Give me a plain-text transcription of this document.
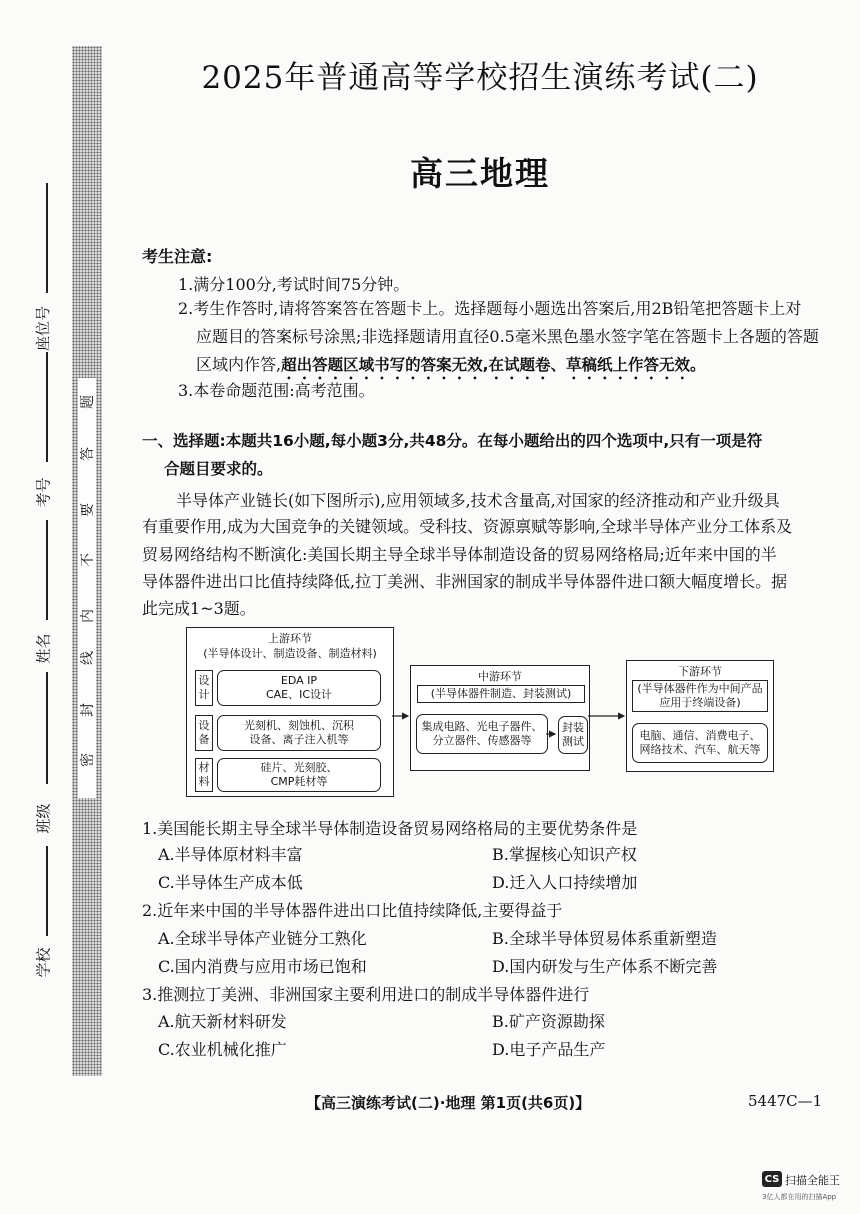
密
封
线
内
不
要
答
题
座位号
考号
姓名
班级
学校
2025年普通高等学校招生演练考试(二)
高三地理
考生注意:
1.满分100分,考试时间75分钟。
2.考生作答时,请将答案答在答题卡上。选择题每小题选出答案后,用2B铅笔把答题卡上对
应题目的答案标号涂黑;非选择题请用直径0.5毫米黑色墨水签字笔在答题卡上各题的答题
区域内作答,超出答题区域书写的答案无效,在试题卷、草稿纸上作答无效。
3.本卷命题范围:高考范围。
一、选择题:本题共16小题,每小题3分,共48分。在每小题给出的四个选项中,只有一项是符
合题目要求的。
半导体产业链长(如下图所示),应用领域多,技术含量高,对国家的经济推动和产业升级具
有重要作用,成为大国竞争的关键领域。受科技、资源禀赋等影响,全球半导体产业分工体系及
贸易网络结构不断演化:美国长期主导全球半导体制造设备的贸易网络格局;近年来中国的半
导体器件进出口比值持续降低,拉丁美洲、非洲国家的制成半导体器件进口额大幅度增长。据
此完成1~3题。
上游环节
(半导体设计、制造设备、制造材料)
设
计
EDA IP
CAE、IC设计
设
备
光刻机、刻蚀机、沉积
设备、离子注入机等
材
料
硅片、光刻胶、
CMP耗材等
中游环节
(半导体器件制造、封装测试)
集成电路、光电子器件、
分立器件、传感器等
封装
测试
下游环节
(半导体器件作为中间产品
应用于终端设备)
电脑、通信、消费电子、
网络技术、汽车、航天等
1.美国能长期主导全球半导体制造设备贸易网络格局的主要优势条件是
A.半导体原材料丰富	B.掌握核心知识产权
C.半导体生产成本低	D.迁入人口持续增加
2.近年来中国的半导体器件进出口比值持续降低,主要得益于
A.全球半导体产业链分工熟化	B.全球半导体贸易体系重新塑造
C.国内消费与应用市场已饱和	D.国内研发与生产体系不断完善
3.推测拉丁美洲、非洲国家主要利用进口的制成半导体器件进行
A.航天新材料研发	B.矿产资源勘探
C.农业机械化推广	D.电子产品生产
【高三演练考试(二)·地理 第1页(共6页)】	5447C—1
CS 扫描全能王
3亿人都在用的扫描App
